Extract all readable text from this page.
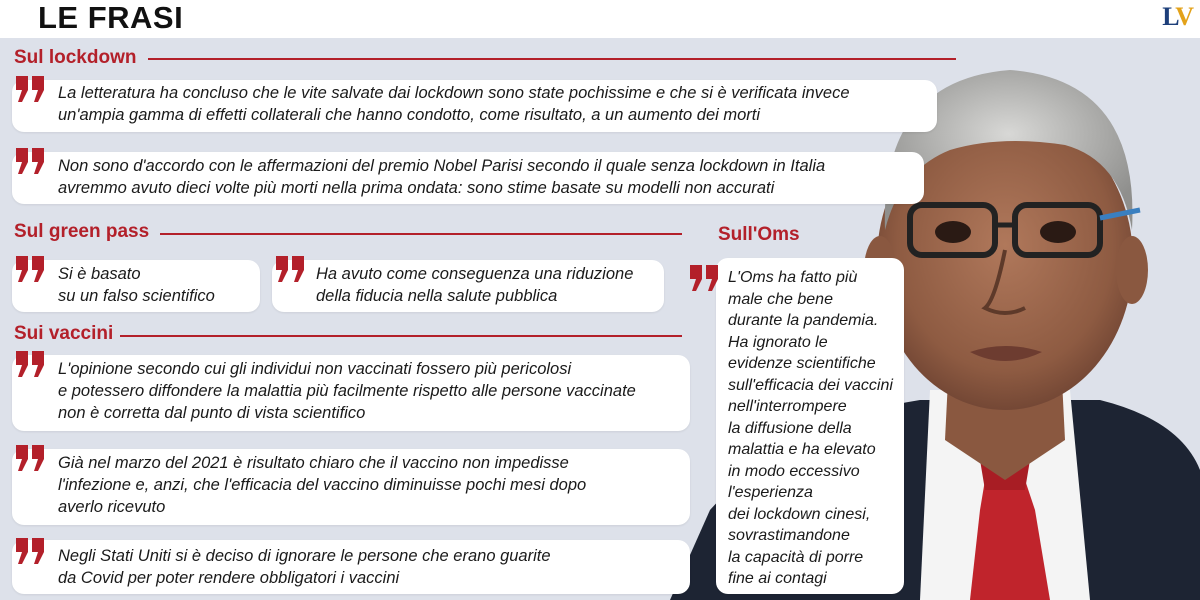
LE FRASI	LV
Sul lockdown
La letteratura ha concluso che le vite salvate dai lockdown sono state pochissime e che si è verificata invece
un'ampia gamma di effetti collaterali che hanno condotto, come risultato, a un aumento dei morti
Non sono d'accordo con le affermazioni del premio Nobel Parisi secondo il quale senza lockdown in Italia
avremmo avuto dieci volte più morti nella prima ondata: sono stime basate su modelli non accurati
Sul green pass
Si è basato
su un falso scientifico
Ha avuto come conseguenza una riduzione
della fiducia nella salute pubblica
Sui vaccini
L'opinione secondo cui gli individui non vaccinati fossero più pericolosi
e potessero diffondere la malattia più facilmente rispetto alle persone vaccinate
non è corretta dal punto di vista scientifico
Già nel marzo del 2021 è risultato chiaro che il vaccino non impedisse
l'infezione e, anzi, che l'efficacia del vaccino diminuisse pochi mesi dopo
averlo ricevuto
Negli Stati Uniti si è deciso di ignorare le persone che erano guarite
da Covid per poter rendere obbligatori i vaccini
Sull'Oms
L'Oms ha fatto più
male che bene
durante la pandemia.
Ha ignorato le
evidenze scientifiche
sull'efficacia dei vaccini
nell'interrompere
la diffusione della
malattia e ha elevato
in modo eccessivo
l'esperienza
dei lockdown cinesi,
sovrastimandone
la capacità di porre
fine ai contagi
